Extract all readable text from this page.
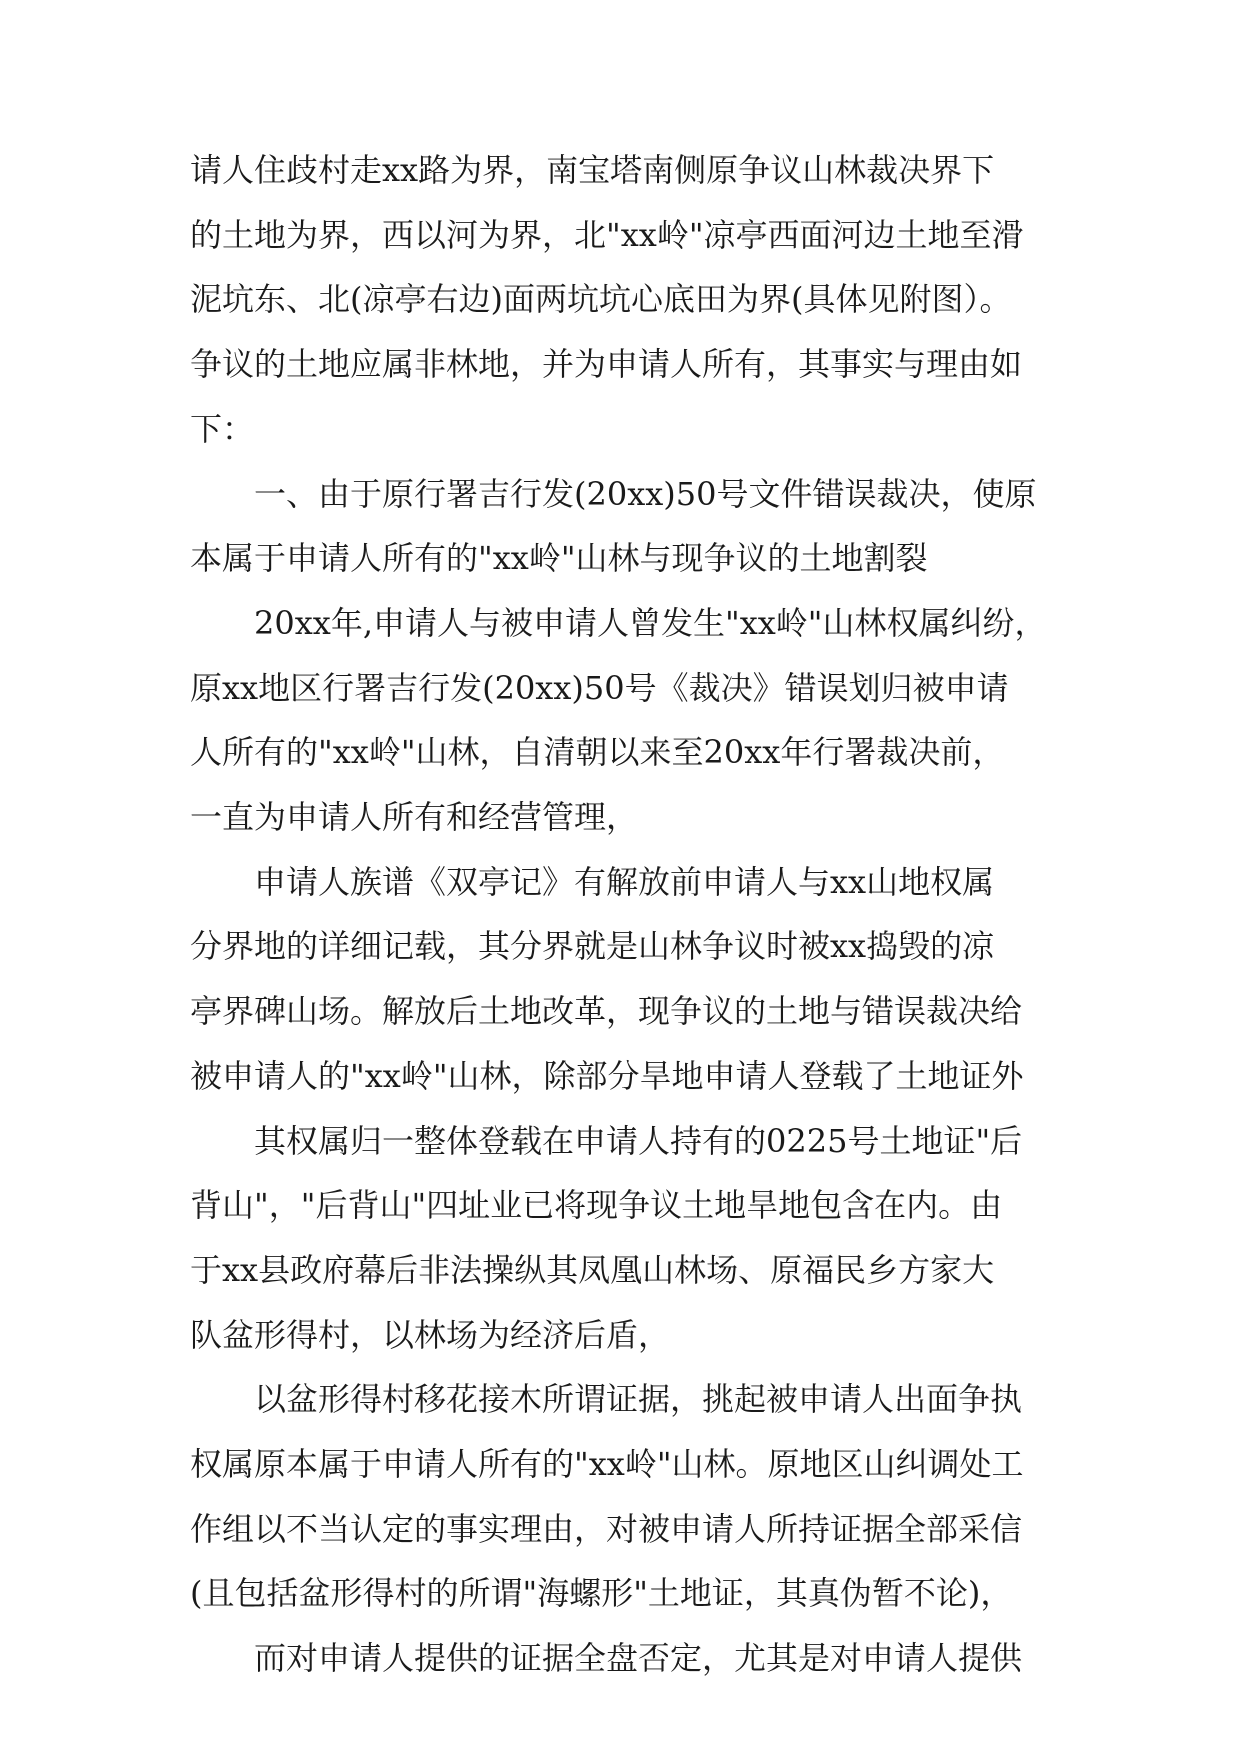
请人住歧村走xx路为界，南宝塔南侧原争议山林裁决界下
的土地为界，西以河为界，北"xx岭"凉亭西面河边土地至滑
泥坑东、北(凉亭右边)面两坑坑心底田为界(具体见附图）。
争议的土地应属非林地，并为申请人所有，其事实与理由如
下：
一、由于原行署吉行发(20xx)50号文件错误裁决，使原
本属于申请人所有的"xx岭"山林与现争议的土地割裂
20xx年,申请人与被申请人曾发生"xx岭"山林权属纠纷，
原xx地区行署吉行发(20xx)50号《裁决》错误划归被申请
人所有的"xx岭"山林，自清朝以来至20xx年行署裁决前，
一直为申请人所有和经营管理，
申请人族谱《双亭记》有解放前申请人与xx山地权属
分界地的详细记载，其分界就是山林争议时被xx捣毁的凉
亭界碑山场。解放后土地改革，现争议的土地与错误裁决给
被申请人的"xx岭"山林，除部分旱地申请人登载了土地证外
其权属归一整体登载在申请人持有的0225号土地证"后
背山"，"后背山"四址业已将现争议土地旱地包含在内。由
于xx县政府幕后非法操纵其凤凰山林场、原福民乡方家大
队盆形得村，以林场为经济后盾，
以盆形得村移花接木所谓证据，挑起被申请人出面争执
权属原本属于申请人所有的"xx岭"山林。原地区山纠调处工
作组以不当认定的事实理由，对被申请人所持证据全部采信
(且包括盆形得村的所谓"海螺形"土地证，其真伪暂不论)，
而对申请人提供的证据全盘否定，尤其是对申请人提供
